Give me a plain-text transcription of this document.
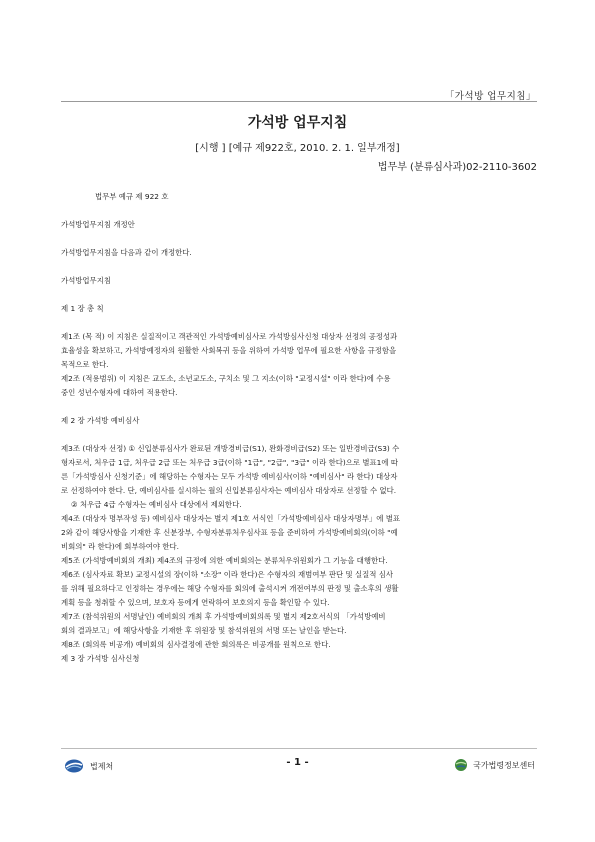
「가석방 업무지침」
가석방 업무지침
[시행 ] [예규 제922호, 2010. 2. 1. 일부개정]
법무부 (분류심사과)02-2110-3602

법무부 예규 제 922 호

가석방업무지침 개정안

가석방업무지침을 다음과 같이 개정한다.

가석방업무지침

제 1 장 총 칙

제1조 (목 적) 이 지침은 실질적이고 객관적인 가석방예비심사로 가석방심사신청 대상자 선정의 공정성과

효율성을 확보하고, 가석방예정자의 원활한 사회복귀 등을 위하여 가석방 업무에 필요한 사항을 규정함을

목적으로 한다.

제2조 (적용범위) 이 지침은 교도소, 소년교도소, 구치소 및 그 지소(이하 "교정시설" 이라 한다)에 수용

중인 성년수형자에 대하여 적용한다.

제 2 장 가석방 예비심사

제3조 (대상자 선정) ① 신입분류심사가 완료된 개방경비급(S1), 완화경비급(S2) 또는 일반경비급(S3) 수

형자로서, 처우급 1급, 처우급 2급 또는 처우급 3급(이하 "1급", "2급", "3급" 이라 한다)으로 별표1에 따

른「가석방심사 신청기준」에 해당하는 수형자는 모두 가석방 예비심사(이하 "예비심사" 라 한다) 대상자

로 선정하여야 한다. 단, 예비심사를 실시하는 월의 신입분류심사자는 예비심사 대상자로 선정할 수 없다.

② 처우급 4급 수형자는 예비심사 대상에서 제외한다.

제4조 (대상자 명부작성 등) 예비심사 대상자는 별지 제1호 서식인「가석방예비심사 대상자명부」에 별표

2와 같이 해당사항을 기재한 후 신분장부, 수형자분류처우심사표 등을 준비하여 가석방예비회의(이하 "예

비회의" 라 한다)에 회부하여야 한다.

제5조 (가석방예비회의 개최) 제4조의 규정에 의한 예비회의는 분류처우위원회가 그 기능을 대행한다.

제6조 (심사자료 확보) 교정시설의 장(이하 "소장" 이라 한다)은 수형자의 재범여부 판단 및 실질적 심사

를 위해 필요하다고 인정하는 경우에는 해당 수형자를 회의에 출석시켜 개전여부의 판정 및 출소후의 생활

계획 등을 청취할 수 있으며, 보호자 등에게 연락하여 보호의지 등을 확인할 수 있다.

제7조 (참석위원의 서명날인) 예비회의 개최 후 가석방예비회의록 및 별지 제2호서식의 「가석방예비

회의 결과보고」에 해당사항을 기재한 후 위원장 및 참석위원의 서명 또는 날인을 받는다.

제8조 (회의록 비공개) 예비회의 심사결정에 관한 회의록은 비공개를 원칙으로 한다.

제 3 장 가석방 심사신청

법제처	- 1 -	국가법령정보센터
